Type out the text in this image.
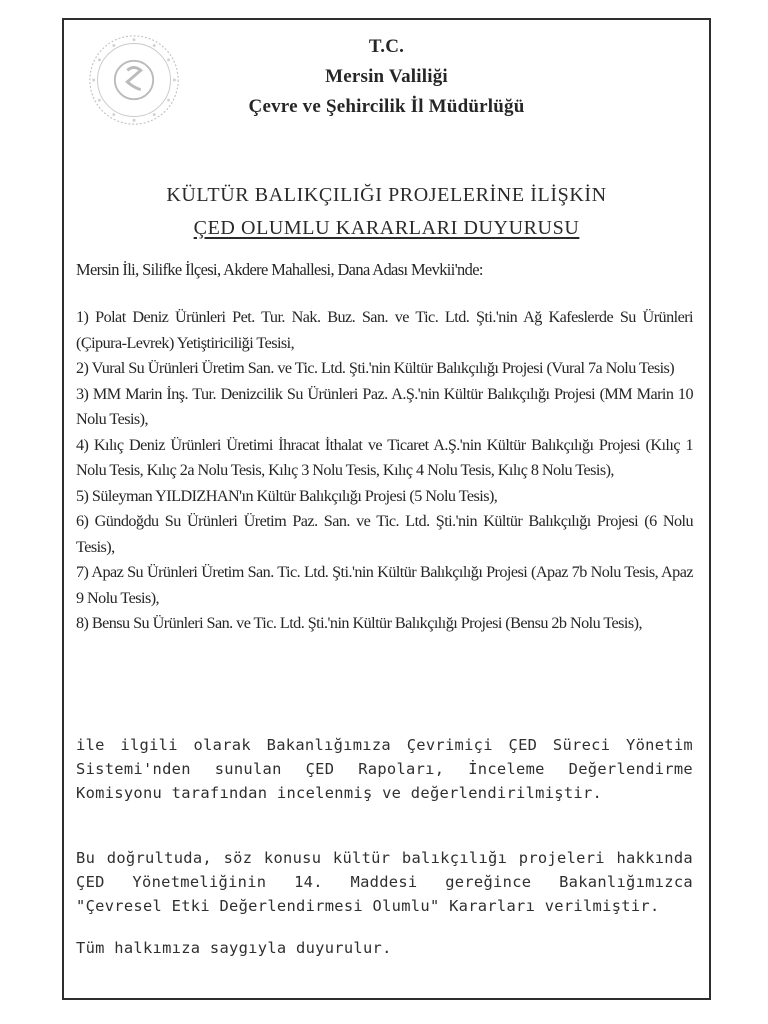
T.C.
Mersin Valiliği
Çevre ve Şehircilik İl Müdürlüğü
KÜLTÜR BALIKÇILIĞI PROJELERİNE İLİŞKİN
ÇED OLUMLU KARARLARI DUYURUSU
Mersin İli, Silifke İlçesi, Akdere Mahallesi, Dana Adası Mevkii'nde:
1) Polat Deniz Ürünleri Pet. Tur. Nak. Buz. San. ve Tic. Ltd. Şti.'nin Ağ Kafeslerde Su Ürünleri (Çipura-Levrek) Yetiştiriciliği Tesisi,
2) Vural Su Ürünleri Üretim San. ve Tic. Ltd. Şti.'nin Kültür Balıkçılığı Projesi (Vural 7a Nolu Tesis)
3) MM Marin İnş. Tur. Denizcilik Su Ürünleri Paz. A.Ş.'nin Kültür Balıkçılığı Projesi (MM Marin 10 Nolu Tesis),
4) Kılıç Deniz Ürünleri Üretimi İhracat İthalat ve Ticaret A.Ş.'nin Kültür Balıkçılığı Projesi (Kılıç 1 Nolu Tesis, Kılıç 2a Nolu Tesis, Kılıç 3 Nolu Tesis, Kılıç 4 Nolu Tesis, Kılıç 8 Nolu Tesis),
5) Süleyman YILDIZHAN'ın Kültür Balıkçılığı Projesi (5 Nolu Tesis),
6) Gündoğdu Su Ürünleri Üretim Paz. San. ve Tic. Ltd. Şti.'nin Kültür Balıkçılığı Projesi (6 Nolu Tesis),
7) Apaz Su Ürünleri Üretim San. Tic. Ltd. Şti.'nin Kültür Balıkçılığı Projesi (Apaz 7b Nolu Tesis, Apaz 9 Nolu Tesis),
8) Bensu Su Ürünleri San. ve Tic. Ltd. Şti.'nin Kültür Balıkçılığı Projesi (Bensu 2b Nolu Tesis),

ile ilgili olarak Bakanlığımıza Çevrimiçi ÇED Süreci Yönetim Sistemi'nden sunulan ÇED Rapoları, İnceleme Değerlendirme Komisyonu tarafından incelenmiş ve değerlendirilmiştir.

Bu doğrultuda, söz konusu kültür balıkçılığı projeleri hakkında ÇED Yönetmeliğinin 14. Maddesi gereğince Bakanlığımızca "Çevresel Etki Değerlendirmesi Olumlu" Kararları verilmiştir.

Tüm halkımıza saygıyla duyurulur.
